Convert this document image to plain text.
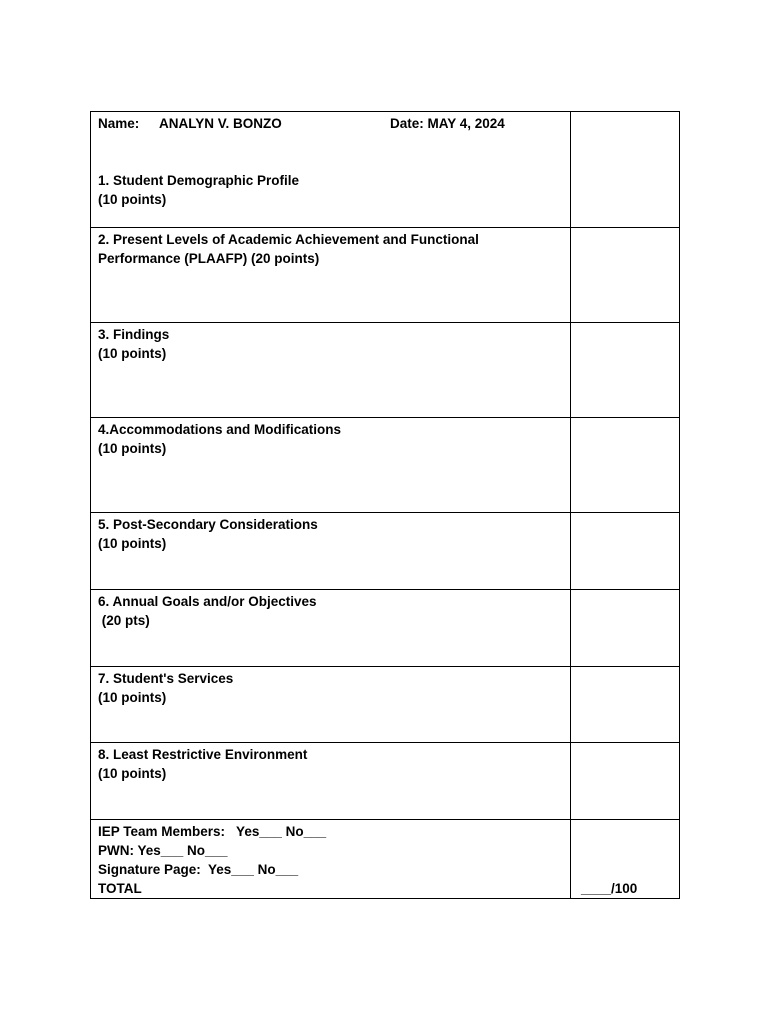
Name: ANALYN V. BONZO Date: MAY 4, 2024
1. Student Demographic Profile
(10 points)	

2. Present Levels of Academic Achievement and Functional
Performance (PLAAFP) (20 points)	

3. Findings
(10 points)	

4.Accommodations and Modifications
(10 points)	

5. Post-Secondary Considerations
(10 points)	

6. Annual Goals and/or Objectives
(20 pts)	

7. Student's Services
(10 points)	

8. Least Restrictive Environment
(10 points)	

IEP Team Members:   Yes___ No___
PWN: Yes___ No___
Signature Page:  Yes___ No___
TOTAL	____/100
